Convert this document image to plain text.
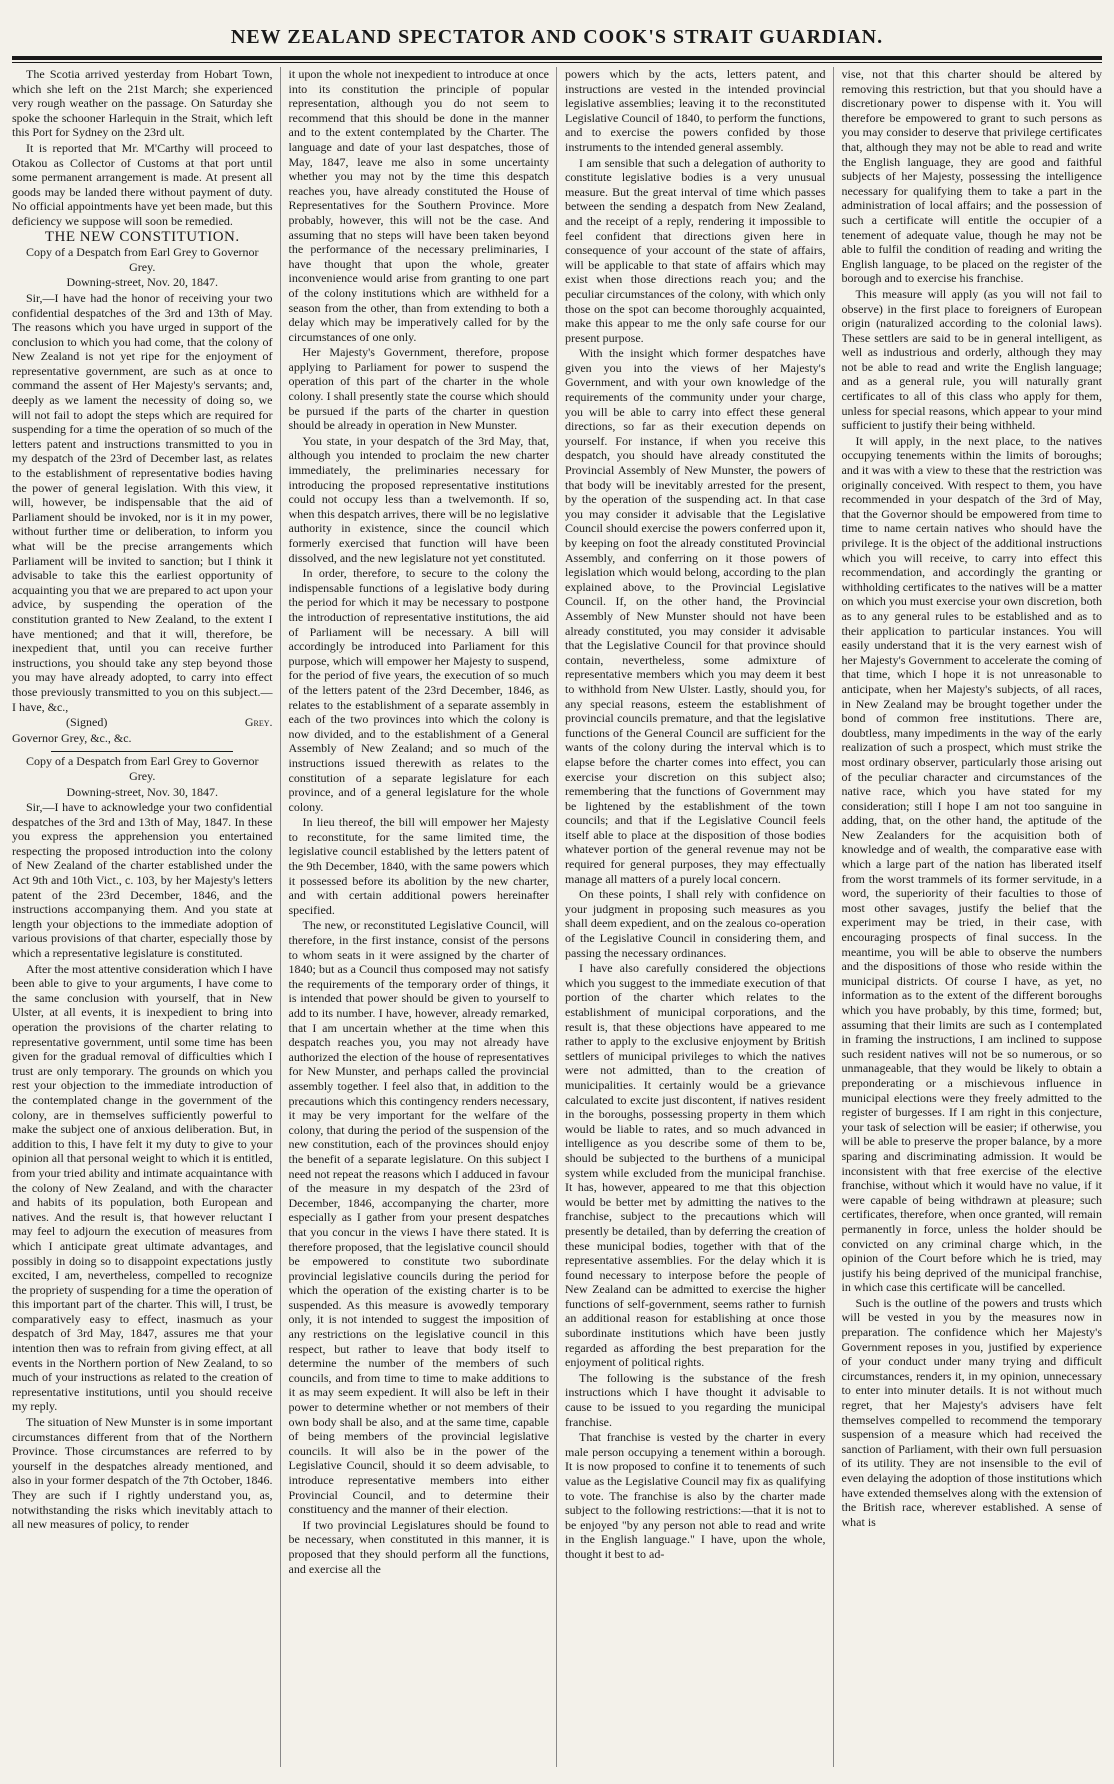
NEW ZEALAND SPECTATOR AND COOK'S STRAIT GUARDIAN.

The Scotia arrived yesterday from Hobart Town, which she left on the 21st March; she experienced very rough weather on the passage. On Saturday she spoke the schooner Harlequin in the Strait, which left this Port for Sydney on the 23rd ult.

It is reported that Mr. M'Carthy will proceed to Otakou as Collector of Customs at that port until some permanent arrangement is made. At present all goods may be landed there without payment of duty. No official appointments have yet been made, but this deficiency we suppose will soon be remedied.

THE NEW CONSTITUTION.

Copy of a Despatch from Earl Grey to Governor Grey.

Downing-street, Nov. 20, 1847.

Sir,—I have had the honor of receiving your two confidential despatches of the 3rd and 13th of May. The reasons which you have urged in support of the conclusion to which you had come, that the colony of New Zealand is not yet ripe for the enjoyment of representative government, are such as at once to command the assent of Her Majesty's servants; and, deeply as we lament the necessity of doing so, we will not fail to adopt the steps which are required for suspending for a time the operation of so much of the letters patent and instructions transmitted to you in my despatch of the 23rd of December last, as relates to the establishment of representative bodies having the power of general legislation. With this view, it will, however, be indispensable that the aid of Parliament should be invoked, nor is it in my power, without further time or deliberation, to inform you what will be the precise arrangements which Parliament will be invited to sanction; but I think it advisable to take this the earliest opportunity of acquainting you that we are prepared to act upon your advice, by suspending the operation of the constitution granted to New Zealand, to the extent I have mentioned; and that it will, therefore, be inexpedient that, until you can receive further instructions, you should take any step beyond those you may have already adopted, to carry into effect those previously transmitted to you on this subject.—I have, &c.,

(Signed)	Grey.

Governor Grey, &c., &c.

Copy of a Despatch from Earl Grey to Governor Grey.

Downing-street, Nov. 30, 1847.

Sir,—I have to acknowledge your two confidential despatches of the 3rd and 13th of May, 1847. In these you express the apprehension you entertained respecting the proposed introduction into the colony of New Zealand of the charter established under the Act 9th and 10th Vict., c. 103, by her Majesty's letters patent of the 23rd December, 1846, and the instructions accompanying them. And you state at length your objections to the immediate adoption of various provisions of that charter, especially those by which a representative legislature is constituted.

After the most attentive consideration which I have been able to give to your arguments, I have come to the same conclusion with yourself, that in New Ulster, at all events, it is inexpedient to bring into operation the provisions of the charter relating to representative government, until some time has been given for the gradual removal of difficulties which I trust are only temporary. The grounds on which you rest your objection to the immediate introduction of the contemplated change in the government of the colony, are in themselves sufficiently powerful to make the subject one of anxious deliberation. But, in addition to this, I have felt it my duty to give to your opinion all that personal weight to which it is entitled, from your tried ability and intimate acquaintance with the colony of New Zealand, and with the character and habits of its population, both European and natives. And the result is, that however reluctant I may feel to adjourn the execution of measures from which I anticipate great ultimate advantages, and possibly in doing so to disappoint expectations justly excited, I am, nevertheless, compelled to recognize the propriety of suspending for a time the operation of this important part of the charter. This will, I trust, be comparatively easy to effect, inasmuch as your despatch of 3rd May, 1847, assures me that your intention then was to refrain from giving effect, at all events in the Northern portion of New Zealand, to so much of your instructions as related to the creation of representative institutions, until you should receive my reply.

The situation of New Munster is in some important circumstances different from that of the Northern Province. Those circumstances are referred to by yourself in the despatches already mentioned, and also in your former despatch of the 7th October, 1846. They are such if I rightly understand you, as, notwithstanding the risks which inevitably attach to all new measures of policy, to render

it upon the whole not inexpedient to introduce at once into its constitution the principle of popular representation, although you do not seem to recommend that this should be done in the manner and to the extent contemplated by the Charter. The language and date of your last despatches, those of May, 1847, leave me also in some uncertainty whether you may not by the time this despatch reaches you, have already constituted the House of Representatives for the Southern Province. More probably, however, this will not be the case. And assuming that no steps will have been taken beyond the performance of the necessary preliminaries, I have thought that upon the whole, greater inconvenience would arise from granting to one part of the colony institutions which are withheld for a season from the other, than from extending to both a delay which may be imperatively called for by the circumstances of one only.

Her Majesty's Government, therefore, propose applying to Parliament for power to suspend the operation of this part of the charter in the whole colony. I shall presently state the course which should be pursued if the parts of the charter in question should be already in operation in New Munster.

You state, in your despatch of the 3rd May, that, although you intended to proclaim the new charter immediately, the preliminaries necessary for introducing the proposed representative institutions could not occupy less than a twelvemonth. If so, when this despatch arrives, there will be no legislative authority in existence, since the council which formerly exercised that function will have been dissolved, and the new legislature not yet constituted.

In order, therefore, to secure to the colony the indispensable functions of a legislative body during the period for which it may be necessary to postpone the introduction of representative institutions, the aid of Parliament will be necessary. A bill will accordingly be introduced into Parliament for this purpose, which will empower her Majesty to suspend, for the period of five years, the execution of so much of the letters patent of the 23rd December, 1846, as relates to the establishment of a separate assembly in each of the two provinces into which the colony is now divided, and to the establishment of a General Assembly of New Zealand; and so much of the instructions issued therewith as relates to the constitution of a separate legislature for each province, and of a general legislature for the whole colony.

In lieu thereof, the bill will empower her Majesty to reconstitute, for the same limited time, the legislative council established by the letters patent of the 9th December, 1840, with the same powers which it possessed before its abolition by the new charter, and with certain additional powers hereinafter specified.

The new, or reconstituted Legislative Council, will therefore, in the first instance, consist of the persons to whom seats in it were assigned by the charter of 1840; but as a Council thus composed may not satisfy the requirements of the temporary order of things, it is intended that power should be given to yourself to add to its number. I have, however, already remarked, that I am uncertain whether at the time when this despatch reaches you, you may not already have authorized the election of the house of representatives for New Munster, and perhaps called the provincial assembly together. I feel also that, in addition to the precautions which this contingency renders necessary, it may be very important for the welfare of the colony, that during the period of the suspension of the new constitution, each of the provinces should enjoy the benefit of a separate legislature. On this subject I need not repeat the reasons which I adduced in favour of the measure in my despatch of the 23rd of December, 1846, accompanying the charter, more especially as I gather from your present despatches that you concur in the views I have there stated. It is therefore proposed, that the legislative council should be empowered to constitute two subordinate provincial legislative councils during the period for which the operation of the existing charter is to be suspended. As this measure is avowedly temporary only, it is not intended to suggest the imposition of any restrictions on the legislative council in this respect, but rather to leave that body itself to determine the number of the members of such councils, and from time to time to make additions to it as may seem expedient. It will also be left in their power to determine whether or not members of their own body shall be also, and at the same time, capable of being members of the provincial legislative councils. It will also be in the power of the Legislative Council, should it so deem advisable, to introduce representative members into either Provincial Council, and to determine their constituency and the manner of their election.

If two provincial Legislatures should be found to be necessary, when constituted in this manner, it is proposed that they should perform all the functions, and exercise all the

powers which by the acts, letters patent, and instructions are vested in the intended provincial legislative assemblies; leaving it to the reconstituted Legislative Council of 1840, to perform the functions, and to exercise the powers confided by those instruments to the intended general assembly.

I am sensible that such a delegation of authority to constitute legislative bodies is a very unusual measure. But the great interval of time which passes between the sending a despatch from New Zealand, and the receipt of a reply, rendering it impossible to feel confident that directions given here in consequence of your account of the state of affairs, will be applicable to that state of affairs which may exist when those directions reach you; and the peculiar circumstances of the colony, with which only those on the spot can become thoroughly acquainted, make this appear to me the only safe course for our present purpose.

With the insight which former despatches have given you into the views of her Majesty's Government, and with your own knowledge of the requirements of the community under your charge, you will be able to carry into effect these general directions, so far as their execution depends on yourself. For instance, if when you receive this despatch, you should have already constituted the Provincial Assembly of New Munster, the powers of that body will be inevitably arrested for the present, by the operation of the suspending act. In that case you may consider it advisable that the Legislative Council should exercise the powers conferred upon it, by keeping on foot the already constituted Provincial Assembly, and conferring on it those powers of legislation which would belong, according to the plan explained above, to the Provincial Legislative Council. If, on the other hand, the Provincial Assembly of New Munster should not have been already constituted, you may consider it advisable that the Legislative Council for that province should contain, nevertheless, some admixture of representative members which you may deem it best to withhold from New Ulster. Lastly, should you, for any special reasons, esteem the establishment of provincial councils premature, and that the legislative functions of the General Council are sufficient for the wants of the colony during the interval which is to elapse before the charter comes into effect, you can exercise your discretion on this subject also; remembering that the functions of Government may be lightened by the establishment of the town councils; and that if the Legislative Council feels itself able to place at the disposition of those bodies whatever portion of the general revenue may not be required for general purposes, they may effectually manage all matters of a purely local concern.

On these points, I shall rely with confidence on your judgment in proposing such measures as you shall deem expedient, and on the zealous co-operation of the Legislative Council in considering them, and passing the necessary ordinances.

I have also carefully considered the objections which you suggest to the immediate execution of that portion of the charter which relates to the establishment of municipal corporations, and the result is, that these objections have appeared to me rather to apply to the exclusive enjoyment by British settlers of municipal privileges to which the natives were not admitted, than to the creation of municipalities. It certainly would be a grievance calculated to excite just discontent, if natives resident in the boroughs, possessing property in them which would be liable to rates, and so much advanced in intelligence as you describe some of them to be, should be subjected to the burthens of a municipal system while excluded from the municipal franchise. It has, however, appeared to me that this objection would be better met by admitting the natives to the franchise, subject to the precautions which will presently be detailed, than by deferring the creation of these municipal bodies, together with that of the representative assemblies. For the delay which it is found necessary to interpose before the people of New Zealand can be admitted to exercise the higher functions of self-government, seems rather to furnish an additional reason for establishing at once those subordinate institutions which have been justly regarded as affording the best preparation for the enjoyment of political rights.

The following is the substance of the fresh instructions which I have thought it advisable to cause to be issued to you regarding the municipal franchise.

That franchise is vested by the charter in every male person occupying a tenement within a borough. It is now proposed to confine it to tenements of such value as the Legislative Council may fix as qualifying to vote. The franchise is also by the charter made subject to the following restrictions:—that it is not to be enjoyed "by any person not able to read and write in the English language." I have, upon the whole, thought it best to ad-

vise, not that this charter should be altered by removing this restriction, but that you should have a discretionary power to dispense with it. You will therefore be empowered to grant to such persons as you may consider to deserve that privilege certificates that, although they may not be able to read and write the English language, they are good and faithful subjects of her Majesty, possessing the intelligence necessary for qualifying them to take a part in the administration of local affairs; and the possession of such a certificate will entitle the occupier of a tenement of adequate value, though he may not be able to fulfil the condition of reading and writing the English language, to be placed on the register of the borough and to exercise his franchise.

This measure will apply (as you will not fail to observe) in the first place to foreigners of European origin (naturalized according to the colonial laws). These settlers are said to be in general intelligent, as well as industrious and orderly, although they may not be able to read and write the English language; and as a general rule, you will naturally grant certificates to all of this class who apply for them, unless for special reasons, which appear to your mind sufficient to justify their being withheld.

It will apply, in the next place, to the natives occupying tenements within the limits of boroughs; and it was with a view to these that the restriction was originally conceived. With respect to them, you have recommended in your despatch of the 3rd of May, that the Governor should be empowered from time to time to name certain natives who should have the privilege. It is the object of the additional instructions which you will receive, to carry into effect this recommendation, and accordingly the granting or withholding certificates to the natives will be a matter on which you must exercise your own discretion, both as to any general rules to be established and as to their application to particular instances. You will easily understand that it is the very earnest wish of her Majesty's Government to accelerate the coming of that time, which I hope it is not unreasonable to anticipate, when her Majesty's subjects, of all races, in New Zealand may be brought together under the bond of common free institutions. There are, doubtless, many impediments in the way of the early realization of such a prospect, which must strike the most ordinary observer, particularly those arising out of the peculiar character and circumstances of the native race, which you have stated for my consideration; still I hope I am not too sanguine in adding, that, on the other hand, the aptitude of the New Zealanders for the acquisition both of knowledge and of wealth, the comparative ease with which a large part of the nation has liberated itself from the worst trammels of its former servitude, in a word, the superiority of their faculties to those of most other savages, justify the belief that the experiment may be tried, in their case, with encouraging prospects of final success. In the meantime, you will be able to observe the numbers and the dispositions of those who reside within the municipal districts. Of course I have, as yet, no information as to the extent of the different boroughs which you have probably, by this time, formed; but, assuming that their limits are such as I contemplated in framing the instructions, I am inclined to suppose such resident natives will not be so numerous, or so unmanageable, that they would be likely to obtain a preponderating or a mischievous influence in municipal elections were they freely admitted to the register of burgesses. If I am right in this conjecture, your task of selection will be easier; if otherwise, you will be able to preserve the proper balance, by a more sparing and discriminating admission. It would be inconsistent with that free exercise of the elective franchise, without which it would have no value, if it were capable of being withdrawn at pleasure; such certificates, therefore, when once granted, will remain permanently in force, unless the holder should be convicted on any criminal charge which, in the opinion of the Court before which he is tried, may justify his being deprived of the municipal franchise, in which case this certificate will be cancelled.

Such is the outline of the powers and trusts which will be vested in you by the measures now in preparation. The confidence which her Majesty's Government reposes in you, justified by experience of your conduct under many trying and difficult circumstances, renders it, in my opinion, unnecessary to enter into minuter details. It is not without much regret, that her Majesty's advisers have felt themselves compelled to recommend the temporary suspension of a measure which had received the sanction of Parliament, with their own full persuasion of its utility. They are not insensible to the evil of even delaying the adoption of those institutions which have extended themselves along with the extension of the British race, wherever established. A sense of what is
